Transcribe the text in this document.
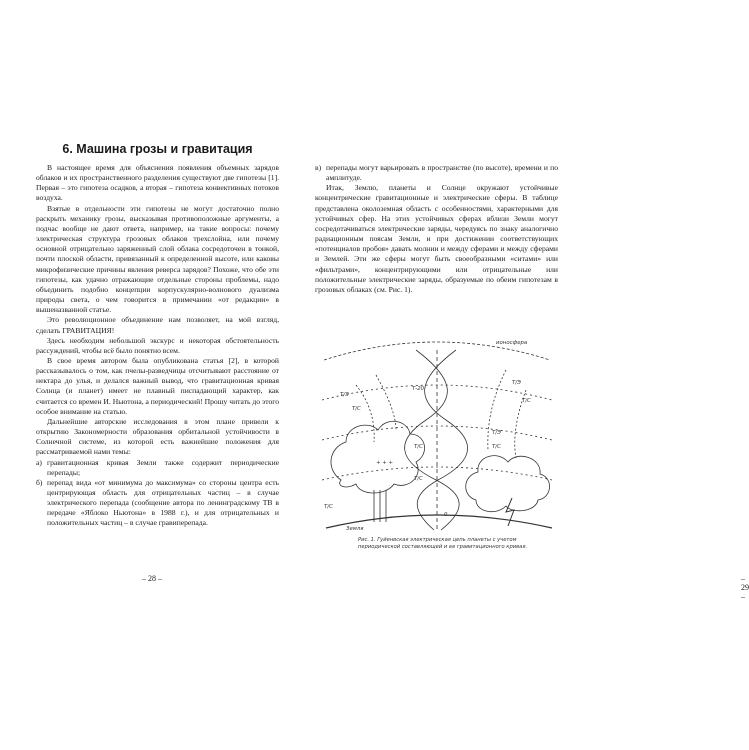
6. Машина грозы и гравитация

В настоящее время для объяснения появления объемных зарядов облаков и их пространственного разделения существуют две гипотезы [1]. Первая – это гипотеза осадков, а вторая – гипотеза конвективных потоков воздуха.

Взятые в отдельности эти гипотезы не могут достаточно полно раскрыть механику грозы, высказывая противоположные аргументы, а подчас вообще не дают ответа, например, на такие вопросы: почему электрическая структура грозовых облаков трехслойна, или почему основной отрицательно заряженный слой облака сосредоточен в тонкой, почти плоской области, привязанный к определенной высоте, или каковы микрофизические причины явления реверса зарядов? Похоже, что обе эти гипотезы, как удачно отражающие отдельные стороны проблемы, надо объединить подобно концепции корпускулярно-волнового дуализма природы света, о чем говорится в примечании «от редакции» в вышеназванной статье.

Это революционное объединение нам позволяет, на мой взгляд, сделать ГРАВИТАЦИЯ!

Здесь необходим небольшой экскурс и некоторая обстоятельность рассуждений, чтобы всё было понятно всем.

В свое время автором была опубликована статья [2], в которой рассказывалось о том, как пчелы-разведчицы отсчитывают расстояние от нектара до улья, и делался важный вывод, что гравитационная кривая Солнца (и планет) имеет не плавный писпадающий характер, как считается со времен И. Ньютона, а периодический! Прошу читать до этого особое внимание на статью.

Дальнейшие авторские исследования в этом плане привели к открытию Закономерности образования орбитальной устойчивости в Солнечной системе, из которой есть важнейшие положения для рассматриваемой нами темы:

а) гравитационная кривая Земли также содержит периодические перепады;
б) перепад вида «от минимума до максимума» со стороны центра есть центрирующая область для отрицательных частиц – в случае электрического перепада (сообщение автора по ленинградскому ТВ в передаче «Яблоко Ньютона» в 1988 г.), и для отрицательных и положительных частиц – в случае гравиперепада.
– 28 –	– 29 –
в) перепады могут варьировать в пространстве (по высоте), времени и по амплитуде.

Итак, Землю, планеты и Солнце окружают устойчивые концентрические гравитационные и электрические сферы. В таблице представлена околоземная область с особенностями, характерными для устойчивых сфер. На этих устойчивых сферах вблизи Земли могут сосредотачиваться электрические заряды, чередуясь по знаку аналогично радиационным поясам Земли, и при достижении соответствующих «потенциалов пробоя» давать молнии и между сферами и между сферами и Землей. Эти же сферы могут быть своеобразными «ситами» или «фильтрами», концентрирующими или отрицательные или положительные электрические заряды, образуемые по обеим гипотезам в грозовых облаках (см. Рис. 1).

ионосфера
Т/Э
Т/С
Т-20
+ + +
Т/Э
Т/С
Т/Э
Т/С
Т/С
Т/С
Т/С
0
Земля
Рис. 1. Гуйенвская электрическая цепь планеты с учетом периодической составляющей и ее гравитационного кривая.
